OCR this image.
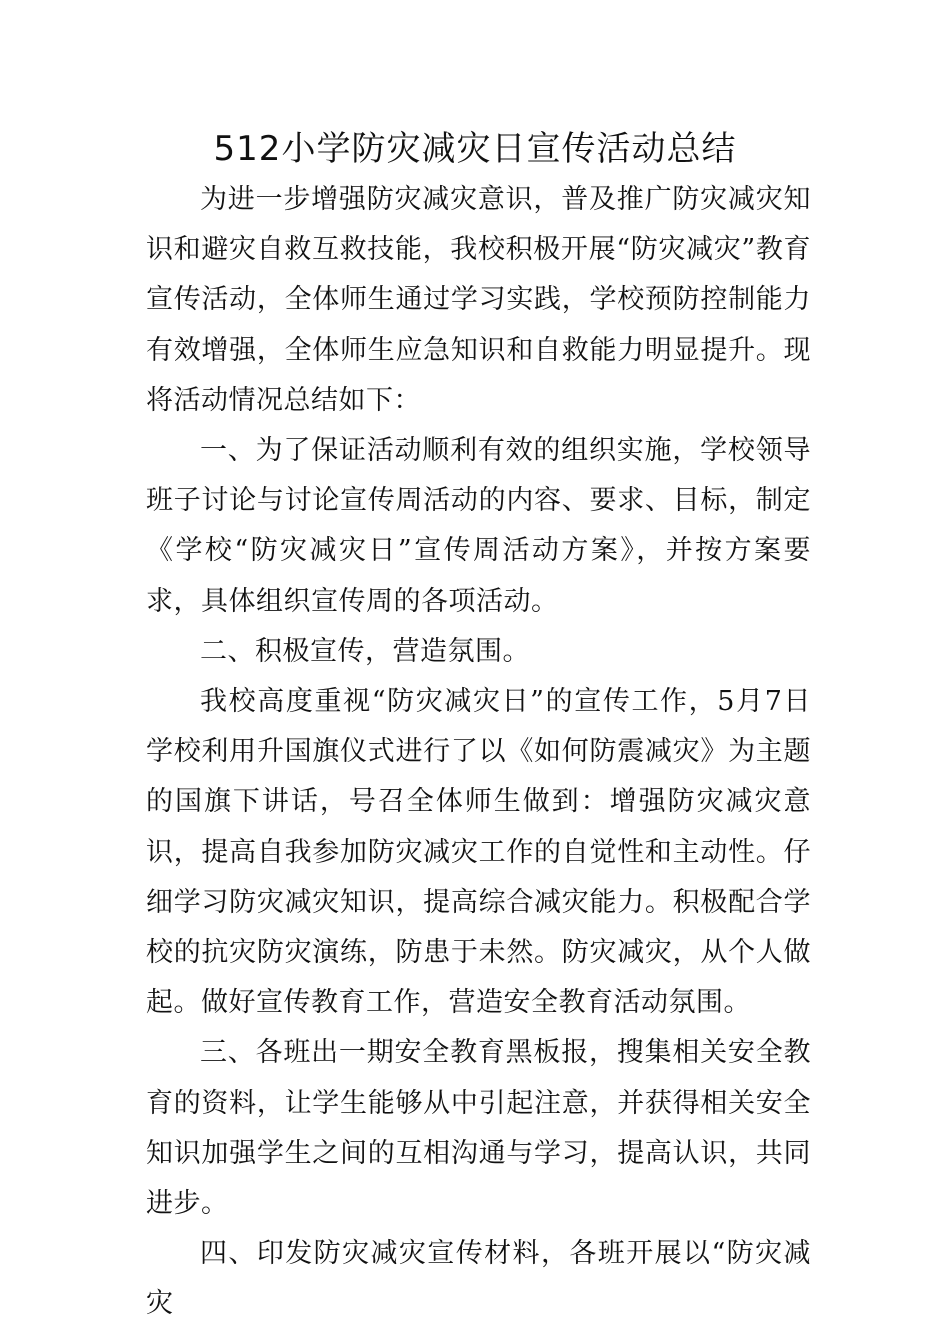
512小学防灾减灾日宣传活动总结

为进一步增强防灾减灾意识，普及推广防灾减灾知识和避灾自救互救技能，我校积极开展“防灾减灾”教育宣传活动，全体师生通过学习实践，学校预防控制能力有效增强，全体师生应急知识和自救能力明显提升。现将活动情况总结如下：

一、为了保证活动顺利有效的组织实施，学校领导班子讨论与讨论宣传周活动的内容、要求、目标，制定《学校“防灾减灾日”宣传周活动方案》，并按方案要求，具体组织宣传周的各项活动。

二、积极宣传，营造氛围。

我校高度重视“防灾减灾日”的宣传工作，5月7日学校利用升国旗仪式进行了以《如何防震减灾》为主题的国旗下讲话，号召全体师生做到：增强防灾减灾意识，提高自我参加防灾减灾工作的自觉性和主动性。仔细学习防灾减灾知识，提高综合减灾能力。积极配合学校的抗灾防灾演练，防患于未然。防灾减灾，从个人做起。做好宣传教育工作，营造安全教育活动氛围。

三、各班出一期安全教育黑板报，搜集相关安全教育的资料，让学生能够从中引起注意，并获得相关安全知识加强学生之间的互相沟通与学习，提高认识，共同进步。

四、印发防灾减灾宣传材料，各班开展以“防灾减灾
